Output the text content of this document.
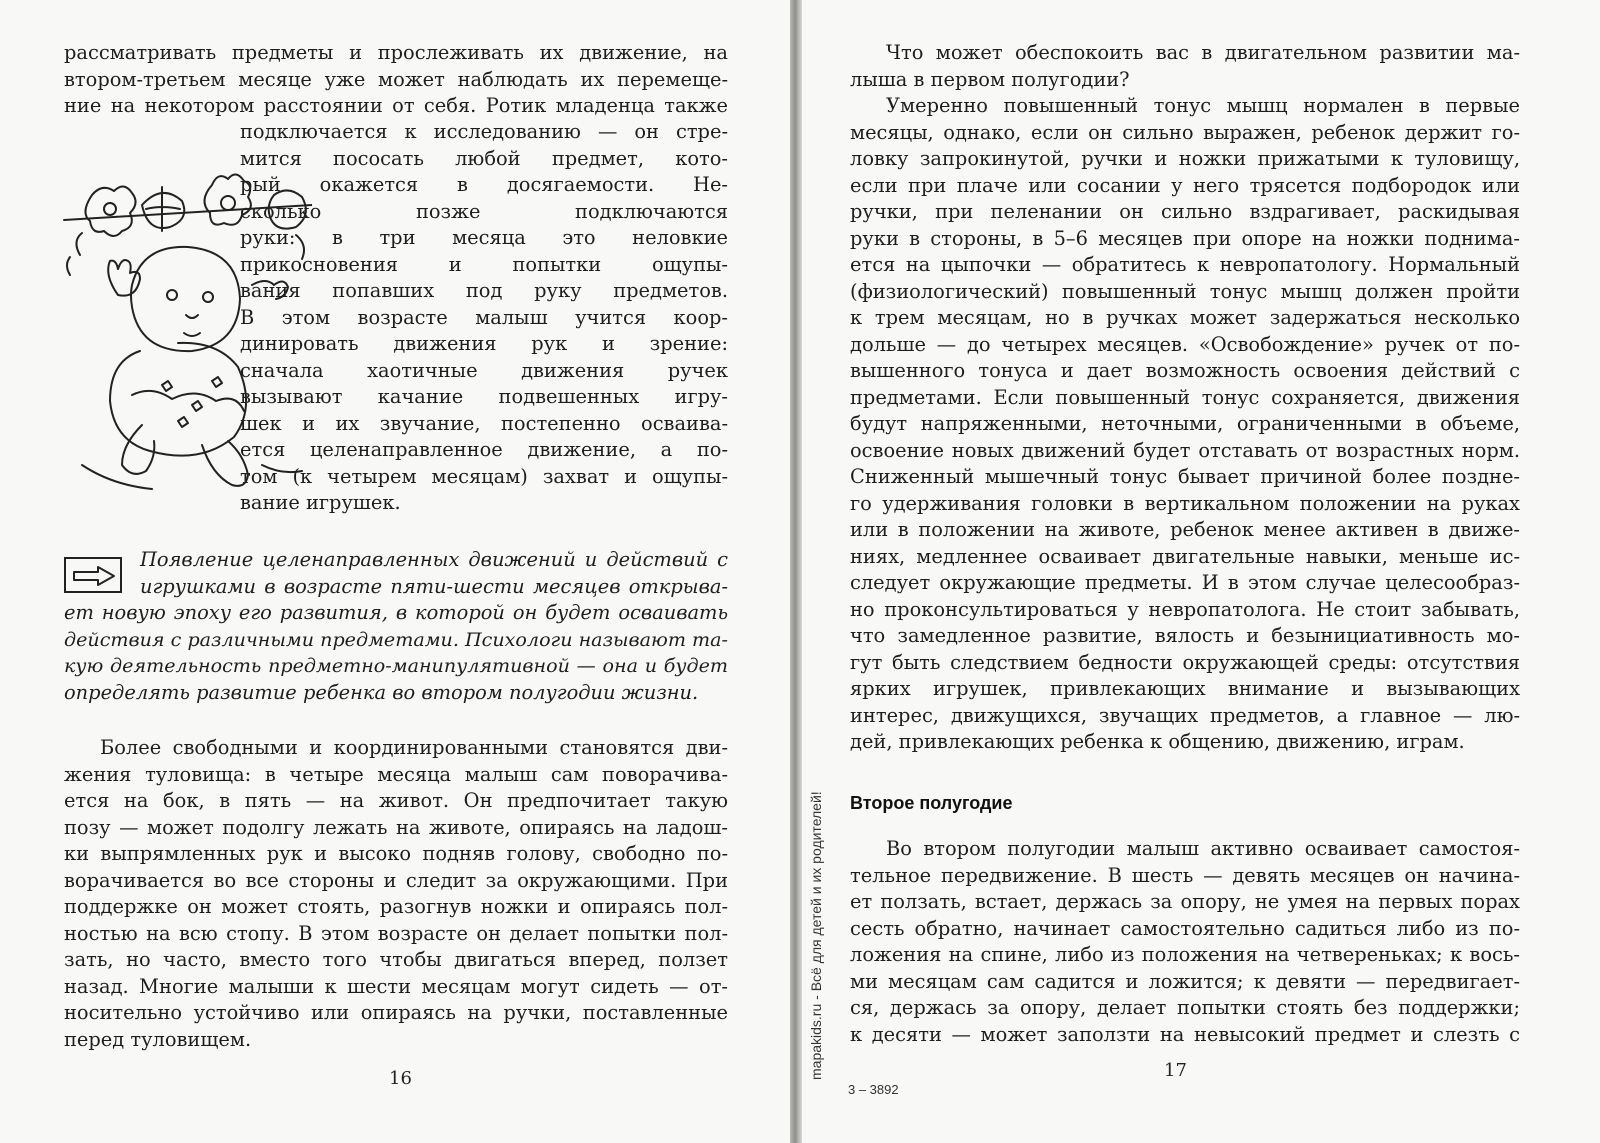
рассматривать предметы и прослеживать их движение, на
втором-третьем месяце уже может наблюдать их перемеще-
ние на некотором расстоянии от себя. Ротик младенца также
подключается к исследованию — он стре-
мится пососать любой предмет, кото-
рый окажется в досягаемости. Не-
сколько позже подключаются
руки: в три месяца это неловкие
прикосновения и попытки ощупы-
вания попавших под руку предметов.
В этом возрасте малыш учится коор-
динировать движения рук и зрение:
сначала хаотичные движения ручек
вызывают качание подвешенных игру-
шек и их звучание, постепенно осваива-
ется целенаправленное движение, а по-
том (к четырем месяцам) захват и ощупы-
вание игрушек.
Появление целенаправленных движений и действий с
игрушками в возрасте пяти-шести месяцев открыва-
ет новую эпоху его развития, в которой он будет осваивать
действия с различными предметами. Психологи называют та-
кую деятельность предметно-манипулятивной — она и будет
определять развитие ребенка во втором полугодии жизни.
Более свободными и координированными становятся дви-
жения туловища: в четыре месяца малыш сам поворачива-
ется на бок, в пять — на живот. Он предпочитает такую
позу — может подолгу лежать на животе, опираясь на ладош-
ки выпрямленных рук и высоко подняв голову, свободно по-
ворачивается во все стороны и следит за окружающими. При
поддержке он может стоять, разогнув ножки и опираясь пол-
ностью на всю стопу. В этом возрасте он делает попытки пол-
зать, но часто, вместо того чтобы двигаться вперед, ползет
назад. Многие малыши к шести месяцам могут сидеть — от-
носительно устойчиво или опираясь на ручки, поставленные
перед туловищем.
16
Что может обеспокоить вас в двигательном развитии ма-
лыша в первом полугодии?
Умеренно повышенный тонус мышц нормален в первые
месяцы, однако, если он сильно выражен, ребенок держит го-
ловку запрокинутой, ручки и ножки прижатыми к туловищу,
если при плаче или сосании у него трясется подбородок или
ручки, при пеленании он сильно вздрагивает, раскидывая
руки в стороны, в 5–6 месяцев при опоре на ножки поднима-
ется на цыпочки — обратитесь к невропатологу. Нормальный
(физиологический) повышенный тонус мышц должен пройти
к трем месяцам, но в ручках может задержаться несколько
дольше — до четырех месяцев. «Освобождение» ручек от по-
вышенного тонуса и дает возможность освоения действий с
предметами. Если повышенный тонус сохраняется, движения
будут напряженными, неточными, ограниченными в объеме,
освоение новых движений будет отставать от возрастных норм.
Сниженный мышечный тонус бывает причиной более поздне-
го удерживания головки в вертикальном положении на руках
или в положении на животе, ребенок менее активен в движе-
ниях, медленнее осваивает двигательные навыки, меньше ис-
следует окружающие предметы. И в этом случае целесообраз-
но проконсультироваться у невропатолога. Не стоит забывать,
что замедленное развитие, вялость и безынициативность мо-
гут быть следствием бедности окружающей среды: отсутствия
ярких игрушек, привлекающих внимание и вызывающих
интерес, движущихся, звучащих предметов, а главное — лю-
дей, привлекающих ребенка к общению, движению, играм.
Второе полугодие
Во втором полугодии малыш активно осваивает самостоя-
тельное передвижение. В шесть — девять месяцев он начина-
ет ползать, встает, держась за опору, не умея на первых порах
сесть обратно, начинает самостоятельно садиться либо из по-
ложения на спине, либо из положения на четвереньках; к вось-
ми месяцам сам садится и ложится; к девяти — передвигает-
ся, держась за опору, делает попытки стоять без поддержки;
к десяти — может заползти на невысокий предмет и слезть с
17
3 – 3892
mapakids.ru - Всё для детей и их родителей!
